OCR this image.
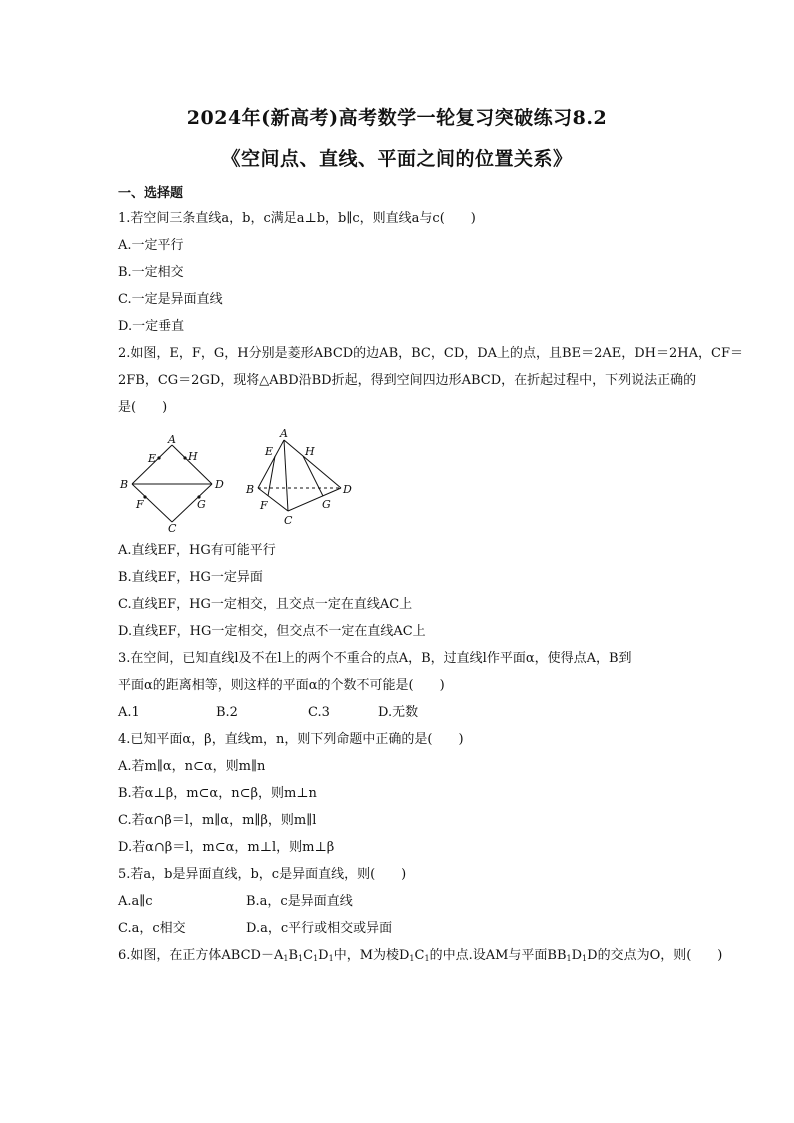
2024年(新高考)高考数学一轮复习突破练习8.2
《空间点、直线、平面之间的位置关系》
一、选择题
1.若空间三条直线a，b，c满足a⊥b，b∥c，则直线a与c(　　)
A.一定平行
B.一定相交
C.一定是异面直线
D.一定垂直
2.如图，E，F，G，H分别是菱形ABCD的边AB，BC，CD，DA上的点，且BE＝2AE，DH＝2HA，CF＝
2FB，CG＝2GD，现将△ABD沿BD折起，得到空间四边形ABCD，在折起过程中，下列说法正确的
是(　　)
A
E	H
B	D
F	G
C
A
E	H
B	D
F	G
C
A.直线EF，HG有可能平行
B.直线EF，HG一定异面
C.直线EF，HG一定相交，且交点一定在直线AC上
D.直线EF，HG一定相交，但交点不一定在直线AC上
3.在空间，已知直线l及不在l上的两个不重合的点A，B，过直线l作平面α，使得点A，B到
平面α的距离相等，则这样的平面α的个数不可能是(　　)
A.1	B.2	C.3	D.无数
4.已知平面α，β，直线m，n，则下列命题中正确的是(　　)
A.若m∥α，n⊂α，则m∥n
B.若α⊥β，m⊂α，n⊂β，则m⊥n
C.若α∩β＝l，m∥α，m∥β，则m∥l
D.若α∩β＝l，m⊂α，m⊥l，则m⊥β
5.若a，b是异面直线，b，c是异面直线，则(　　)
A.a∥c	B.a，c是异面直线
C.a，c相交	D.a，c平行或相交或异面
6.如图，在正方体$ABCD-A_1B_1C_1D_1$中，M为棱$D_1C_1$的中点.设AM与平面$BB_1D_1D$的交点为O，则(　　)
